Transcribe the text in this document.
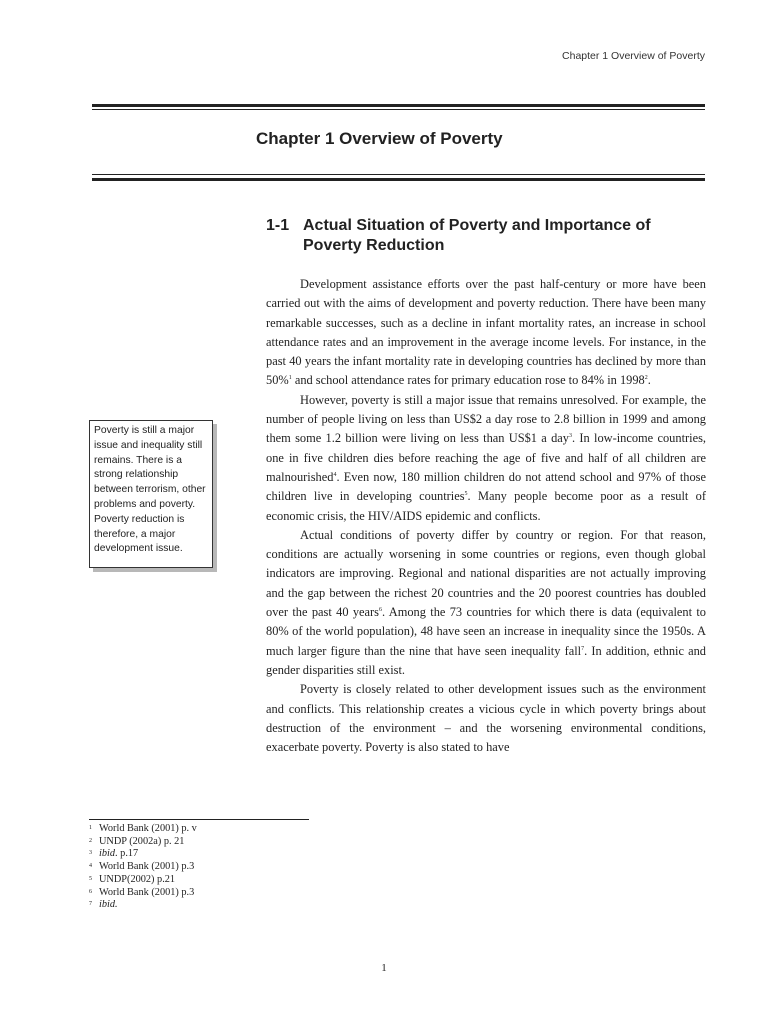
Chapter 1 Overview of Poverty
Chapter 1 Overview of Poverty
1-1 Actual Situation of Poverty and Importance of Poverty Reduction

Development assistance efforts over the past half-century or more have been carried out with the aims of development and poverty reduction. There have been many remarkable successes, such as a decline in infant mortality rates, an increase in school attendance rates and an improvement in the average income levels. For instance, in the past 40 years the infant mortality rate in developing countries has declined by more than 50%$^1$ and school attendance rates for primary education rose to 84% in 1998$^2$.

However, poverty is still a major issue that remains unresolved. For example, the number of people living on less than US$2 a day rose to 2.8 billion in 1999 and among them some 1.2 billion were living on less than US$1 a day$^3$. In low-income countries, one in five children dies before reaching the age of five and half of all children are malnourished$^4$. Even now, 180 million children do not attend school and 97% of those children live in developing countries$^5$. Many people become poor as a result of economic crisis, the HIV/AIDS epidemic and conflicts.

Actual conditions of poverty differ by country or region. For that reason, conditions are actually worsening in some countries or regions, even though global indicators are improving. Regional and national disparities are not actually improving and the gap between the richest 20 countries and the 20 poorest countries has doubled over the past 40 years$^6$. Among the 73 countries for which there is data (equivalent to 80% of the world population), 48 have seen an increase in inequality since the 1950s. A much larger figure than the nine that have seen inequality fall$^7$. In addition, ethnic and gender disparities still exist.

Poverty is closely related to other development issues such as the environment and conflicts. This relationship creates a vicious cycle in which poverty brings about destruction of the environment – and the worsening environmental conditions, exacerbate poverty. Poverty is also stated to have

Poverty is still a major issue and inequality still remains. There is a strong relationship between terrorism, other problems and poverty. Poverty reduction is therefore, a major development issue.
1 World Bank (2001) p. v
2 UNDP (2002a) p. 21
3 ibid. p.17
4 World Bank (2001) p.3
5 UNDP(2002) p.21
6 World Bank (2001) p.3
7 ibid.
1
